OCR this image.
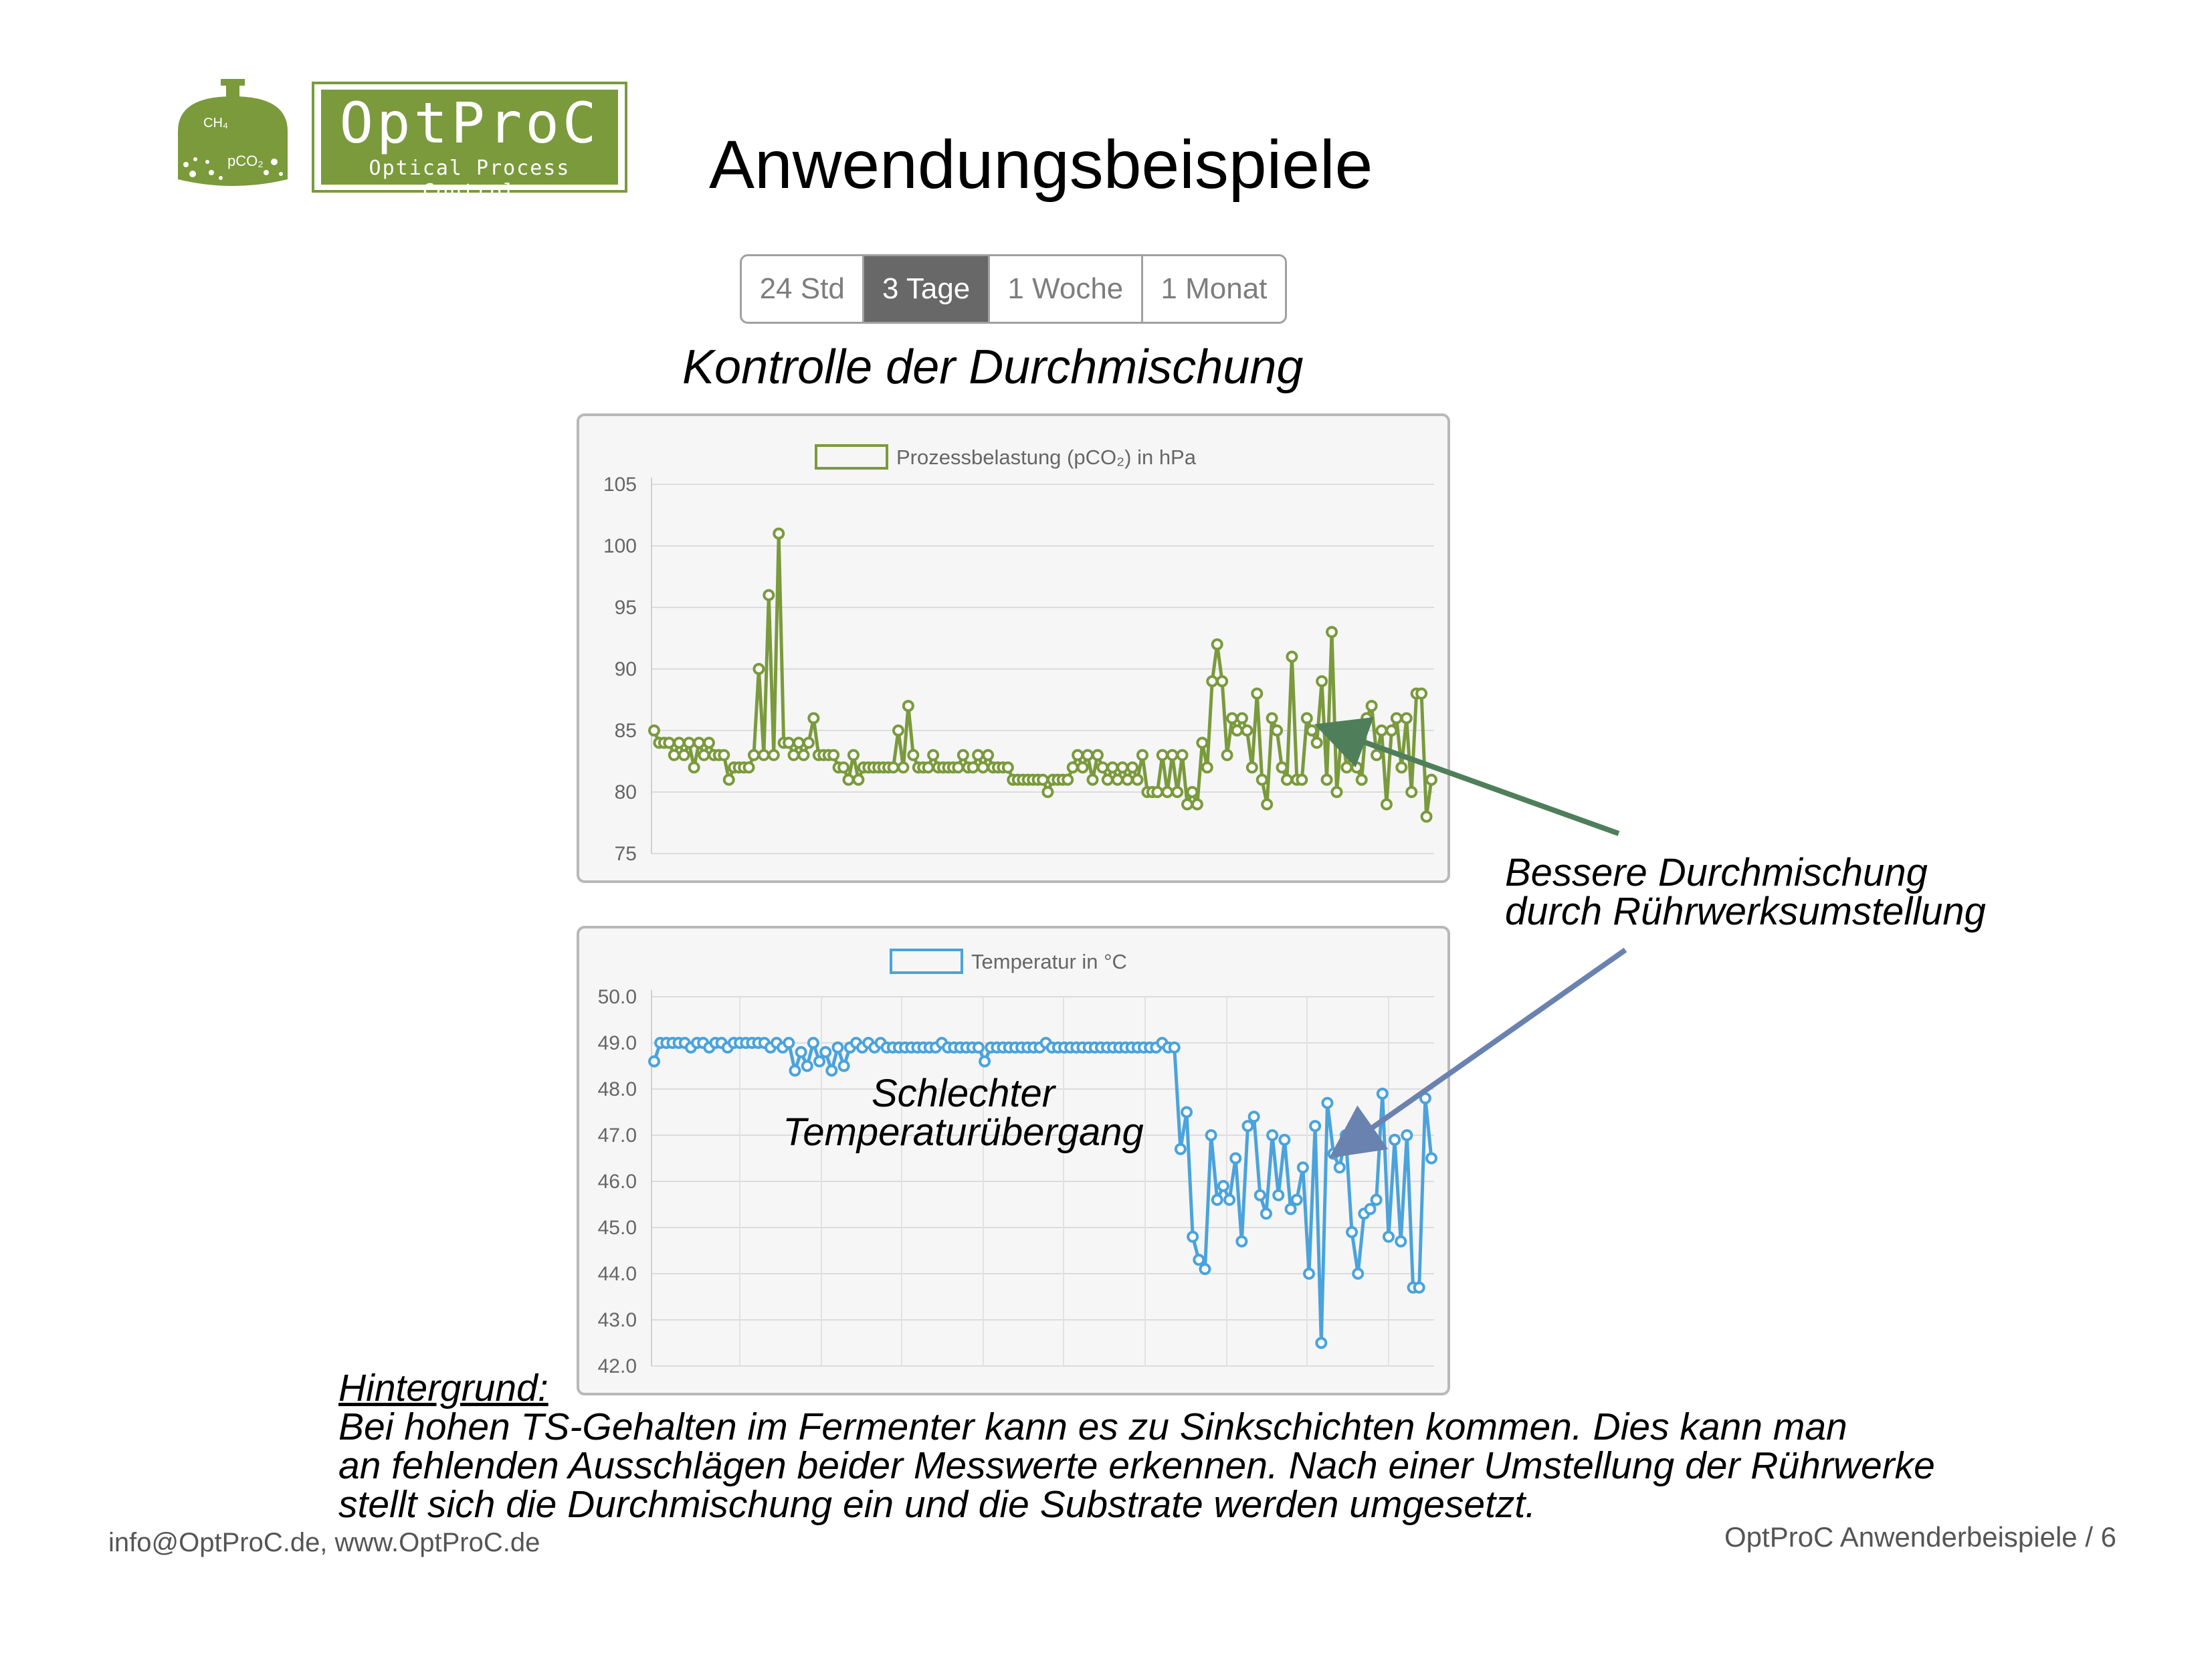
CH₄
pCO₂
OptProC
Optical Process Control	Anwendungsbeispiele
24 Std	3 Tage	1 Woche	1 Monat
Kontrolle der Durchmischung
Prozessbelastung (pCO₂) in hPa
75
80
85
90
95
100
105
Temperatur in °C
42.0
43.0
44.0
45.0
46.0
47.0
48.0
49.0
50.0
Bessere Durchmischung
durch Rührwerksumstellung
Schlechter
Temperaturübergang
Hintergrund:
Bei hohen TS-Gehalten im Fermenter kann es zu Sinkschichten kommen. Dies kann man
an fehlenden Ausschlägen beider Messwerte erkennen. Nach einer Umstellung der Rührwerke
stellt sich die Durchmischung ein und die Substrate werden umgesetzt.
info@OptProC.de, www.OptProC.de	OptProC Anwenderbeispiele / 6
